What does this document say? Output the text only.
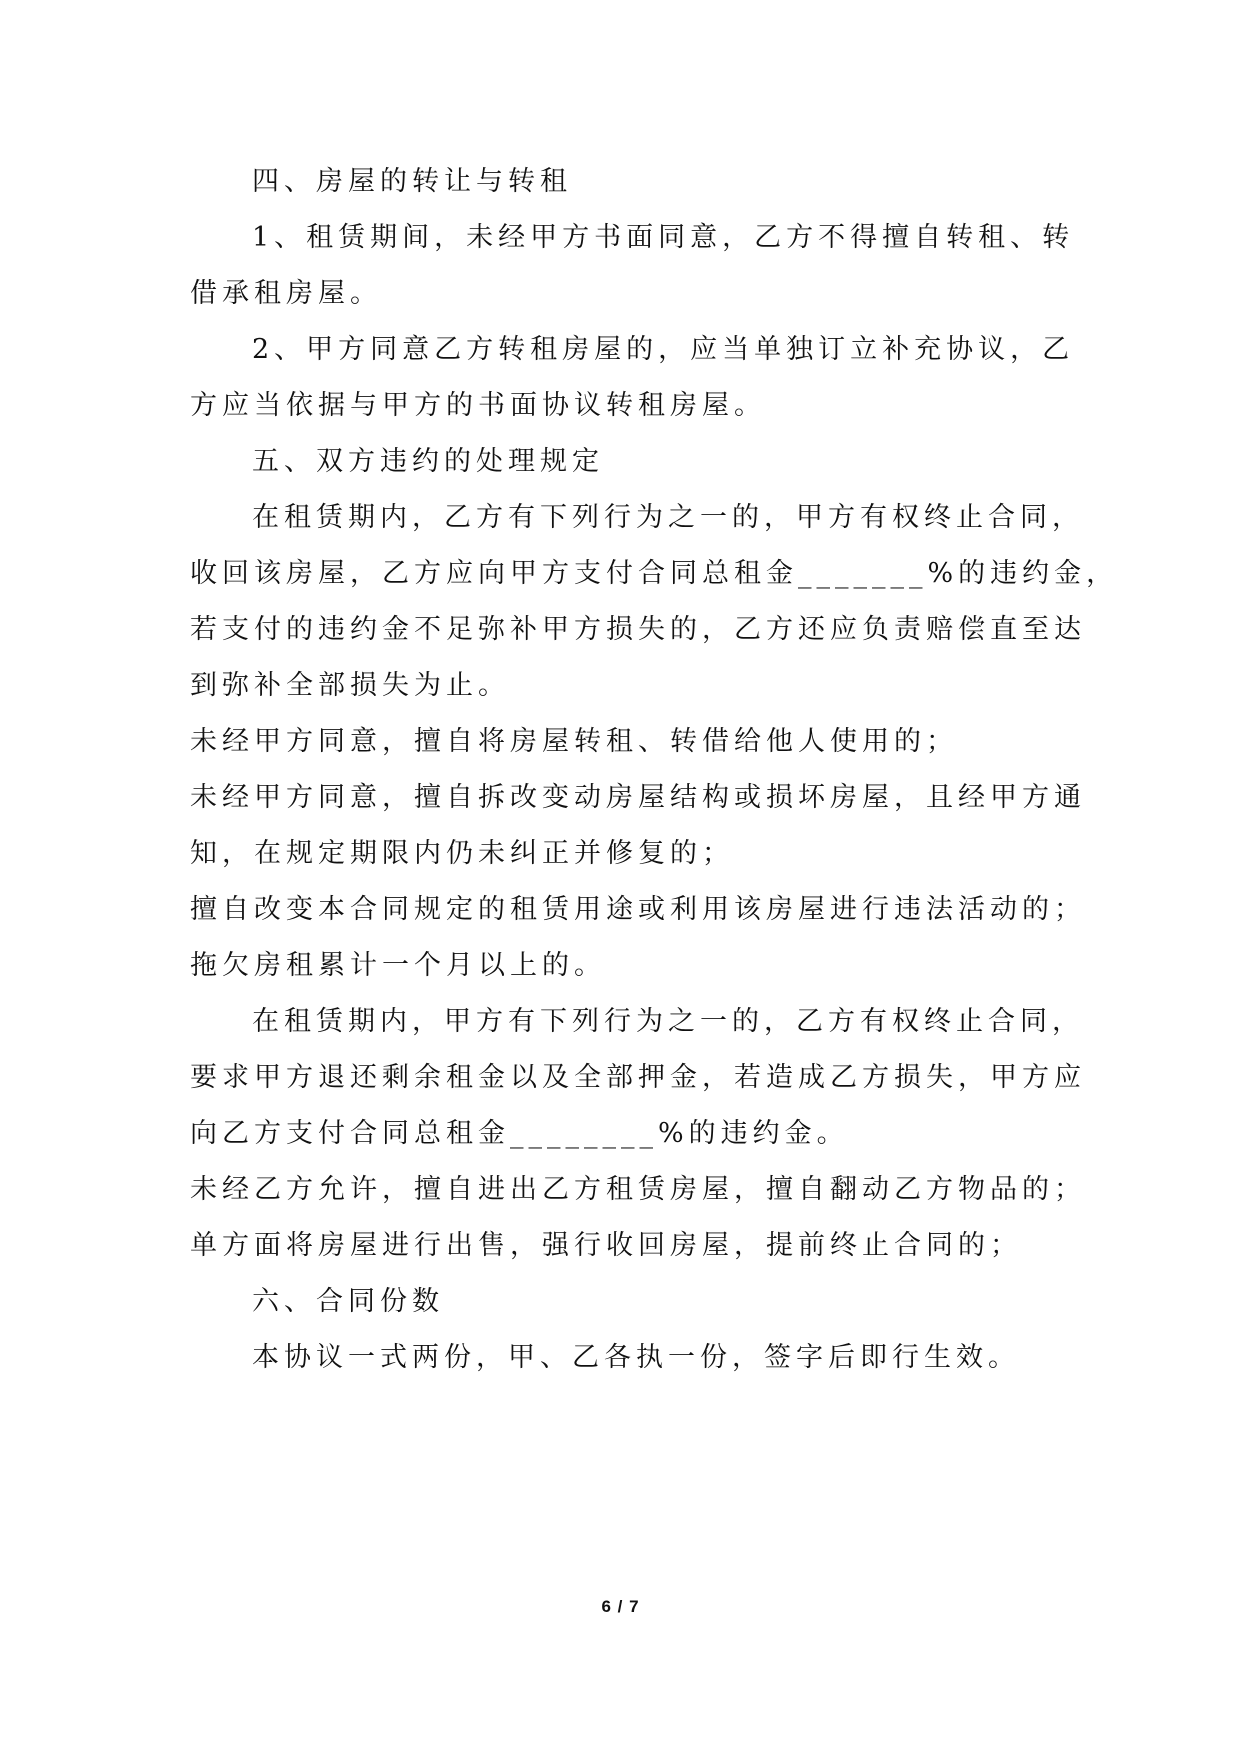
四、房屋的转让与转租
1、租赁期间，未经甲方书面同意，乙方不得擅自转租、转
借承租房屋。
2、甲方同意乙方转租房屋的，应当单独订立补充协议，乙
方应当依据与甲方的书面协议转租房屋。
五、双方违约的处理规定
在租赁期内，乙方有下列行为之一的，甲方有权终止合同，
收回该房屋，乙方应向甲方支付合同总租金_______%的违约金，
若支付的违约金不足弥补甲方损失的，乙方还应负责赔偿直至达
到弥补全部损失为止。
未经甲方同意，擅自将房屋转租、转借给他人使用的；
未经甲方同意，擅自拆改变动房屋结构或损坏房屋，且经甲方通
知，在规定期限内仍未纠正并修复的；
擅自改变本合同规定的租赁用途或利用该房屋进行违法活动的；
拖欠房租累计一个月以上的。
在租赁期内，甲方有下列行为之一的，乙方有权终止合同，
要求甲方退还剩余租金以及全部押金，若造成乙方损失，甲方应
向乙方支付合同总租金________%的违约金。
未经乙方允许，擅自进出乙方租赁房屋，擅自翻动乙方物品的；
单方面将房屋进行出售，强行收回房屋，提前终止合同的；
六、合同份数
本协议一式两份，甲、乙各执一份，签字后即行生效。
6 / 7
